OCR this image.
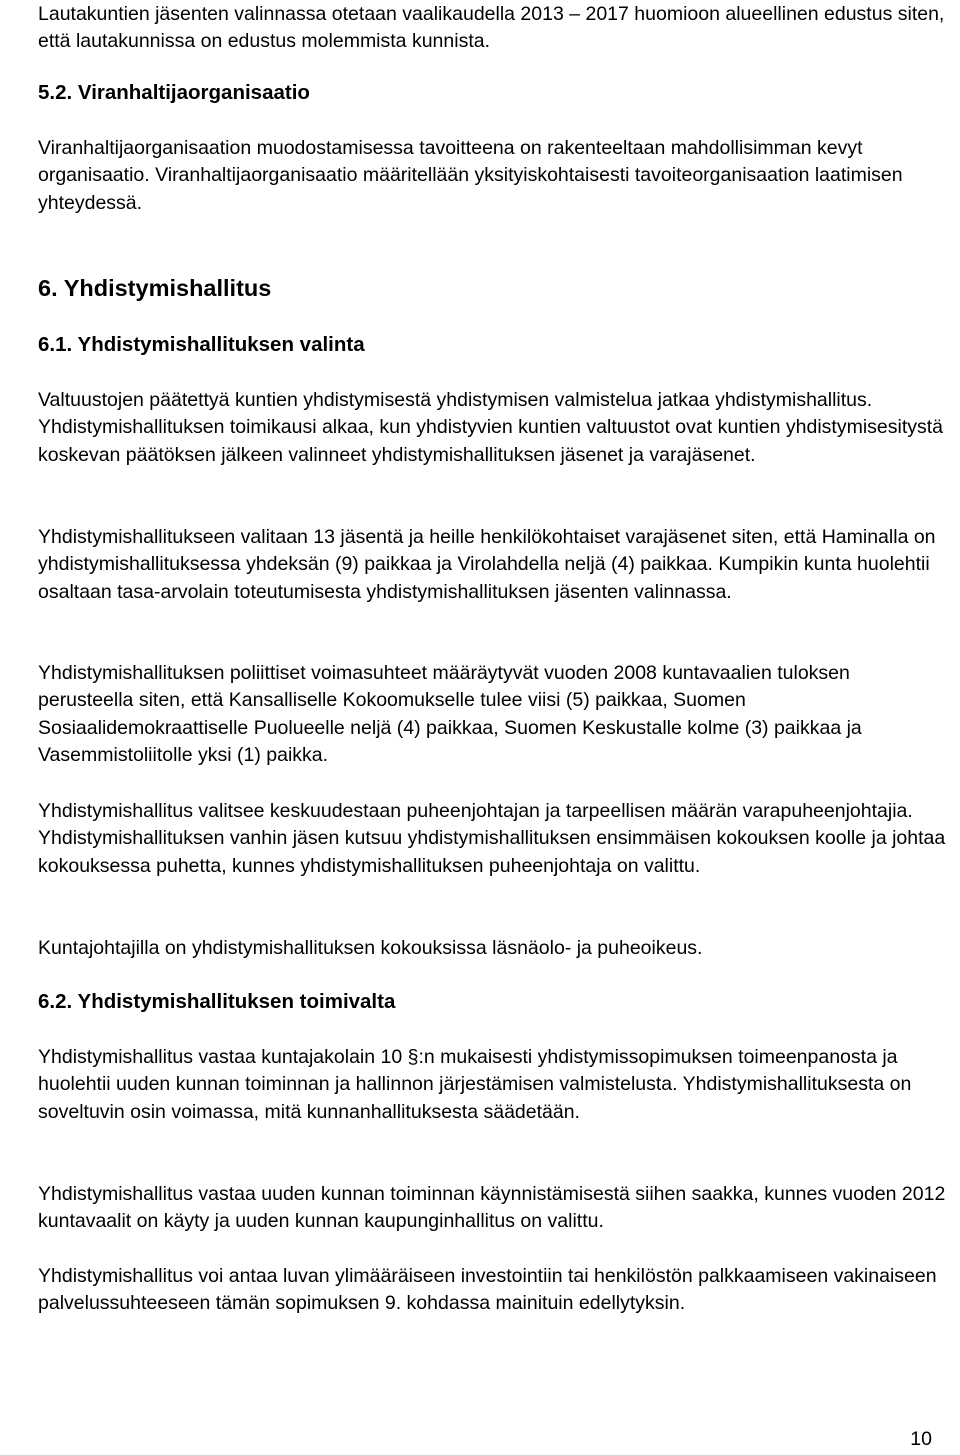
Lautakuntien jäsenten valinnassa otetaan vaalikaudella 2013 – 2017 huomioon alueellinen edustus siten, että lautakunnissa on edustus molemmista kunnista.

5.2. Viranhaltijaorganisaatio

Viranhaltijaorganisaation muodostamisessa tavoitteena on rakenteeltaan mahdollisimman kevyt organisaatio. Viranhaltijaorganisaatio määritellään yksityiskohtaisesti tavoiteorganisaation laatimisen yhteydessä.

6. Yhdistymishallitus

6.1. Yhdistymishallituksen valinta

Valtuustojen päätettyä kuntien yhdistymisestä yhdistymisen valmistelua jatkaa yhdistymishallitus. Yhdistymishallituksen toimikausi alkaa, kun yhdistyvien kuntien valtuustot ovat kuntien yhdistymisesitystä koskevan päätöksen jälkeen valinneet yhdistymishallituksen jäsenet ja varajäsenet.

Yhdistymishallitukseen valitaan 13 jäsentä ja heille henkilökohtaiset varajäsenet siten, että Haminalla on yhdistymishallituksessa yhdeksän (9) paikkaa ja Virolahdella neljä (4) paikkaa. Kumpikin kunta huolehtii osaltaan tasa-arvolain toteutumisesta yhdistymishallituksen jäsenten valinnassa.

Yhdistymishallituksen poliittiset voimasuhteet määräytyvät vuoden 2008 kuntavaalien tuloksen perusteella siten, että Kansalliselle Kokoomukselle tulee viisi (5) paikkaa, Suomen Sosiaalidemokraattiselle Puolueelle neljä (4) paikkaa, Suomen Keskustalle kolme (3) paikkaa ja Vasemmistoliitolle yksi (1) paikka.

Yhdistymishallitus valitsee keskuudestaan puheenjohtajan ja tarpeellisen määrän varapuheenjohtajia. Yhdistymishallituksen vanhin jäsen kutsuu yhdistymishallituksen ensimmäisen kokouksen koolle ja johtaa kokouksessa puhetta, kunnes yhdistymishallituksen puheenjohtaja on valittu.

Kuntajohtajilla on yhdistymishallituksen kokouksissa läsnäolo- ja puheoikeus.

6.2. Yhdistymishallituksen toimivalta

Yhdistymishallitus vastaa kuntajakolain 10 §:n mukaisesti yhdistymissopimuksen toimeenpanosta ja huolehtii uuden kunnan toiminnan ja hallinnon järjestämisen valmistelusta. Yhdistymishallituksesta on soveltuvin osin voimassa, mitä kunnanhallituksesta säädetään.

Yhdistymishallitus vastaa uuden kunnan toiminnan käynnistämisestä siihen saakka, kunnes vuoden 2012 kuntavaalit on käyty ja uuden kunnan kaupunginhallitus on valittu.

Yhdistymishallitus voi antaa luvan ylimääräiseen investointiin tai henkilöstön palkkaamiseen vakinaiseen palvelussuhteeseen tämän sopimuksen 9. kohdassa mainituin edellytyksin.

10
